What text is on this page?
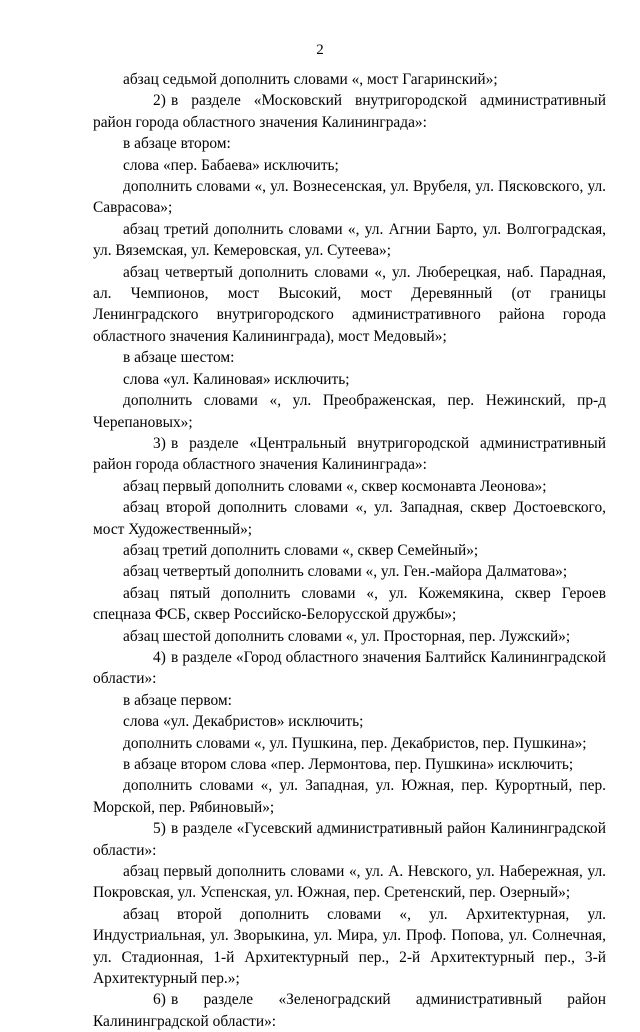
2

абзац седьмой дополнить словами «, мост Гагаринский»;

2) в разделе «Московский внутригородской административный район города областного значения Калининграда»:

в абзаце втором:

слова «пер. Бабаева» исключить;

дополнить словами «, ул. Вознесенская, ул. Врубеля, ул. Пясковского, ул. Саврасова»;

абзац третий дополнить словами «, ул. Агнии Барто, ул. Волгоградская, ул. Вяземская, ул. Кемеровская, ул. Сутеева»;

абзац четвертый дополнить словами «, ул. Люберецкая, наб. Парадная, ал. Чемпионов, мост Высокий, мост Деревянный (от границы Ленинградского внутригородского административного района города областного значения Калининграда), мост Медовый»;

в абзаце шестом:

слова «ул. Калиновая» исключить;

дополнить словами «, ул. Преображенская, пер. Нежинский, пр-д Черепановых»;

3) в разделе «Центральный внутригородской административный район города областного значения Калининграда»:

абзац первый дополнить словами «, сквер космонавта Леонова»;

абзац второй дополнить словами «, ул. Западная, сквер Достоевского, мост Художественный»;

абзац третий дополнить словами «, сквер Семейный»;

абзац четвертый дополнить словами «, ул. Ген.-майора Далматова»;

абзац пятый дополнить словами «, ул. Кожемякина, сквер Героев спецназа ФСБ, сквер Российско-Белорусской дружбы»;

абзац шестой дополнить словами «, ул. Просторная, пер. Лужский»;

4) в разделе «Город областного значения Балтийск Калининградской области»:

в абзаце первом:

слова «ул. Декабристов» исключить;

дополнить словами «, ул. Пушкина, пер. Декабристов, пер. Пушкина»;

в абзаце втором слова «пер. Лермонтова, пер. Пушкина» исключить;

дополнить словами «, ул. Западная, ул. Южная, пер. Курортный, пер. Морской, пер. Рябиновый»;

5) в разделе «Гусевский административный район Калининградской области»:

абзац первый дополнить словами «, ул. А. Невского, ул. Набережная, ул. Покровская, ул. Успенская, ул. Южная, пер. Сретенский, пер. Озерный»;

абзац второй дополнить словами «, ул. Архитектурная, ул. Индустриальная, ул. Зворыкина, ул. Мира, ул. Проф. Попова, ул. Солнечная, ул. Стадионная, 1-й Архитектурный пер., 2-й Архитектурный пер., 3-й Архитектурный пер.»;

6) в разделе «Зеленоградский административный район Калининградской области»:
